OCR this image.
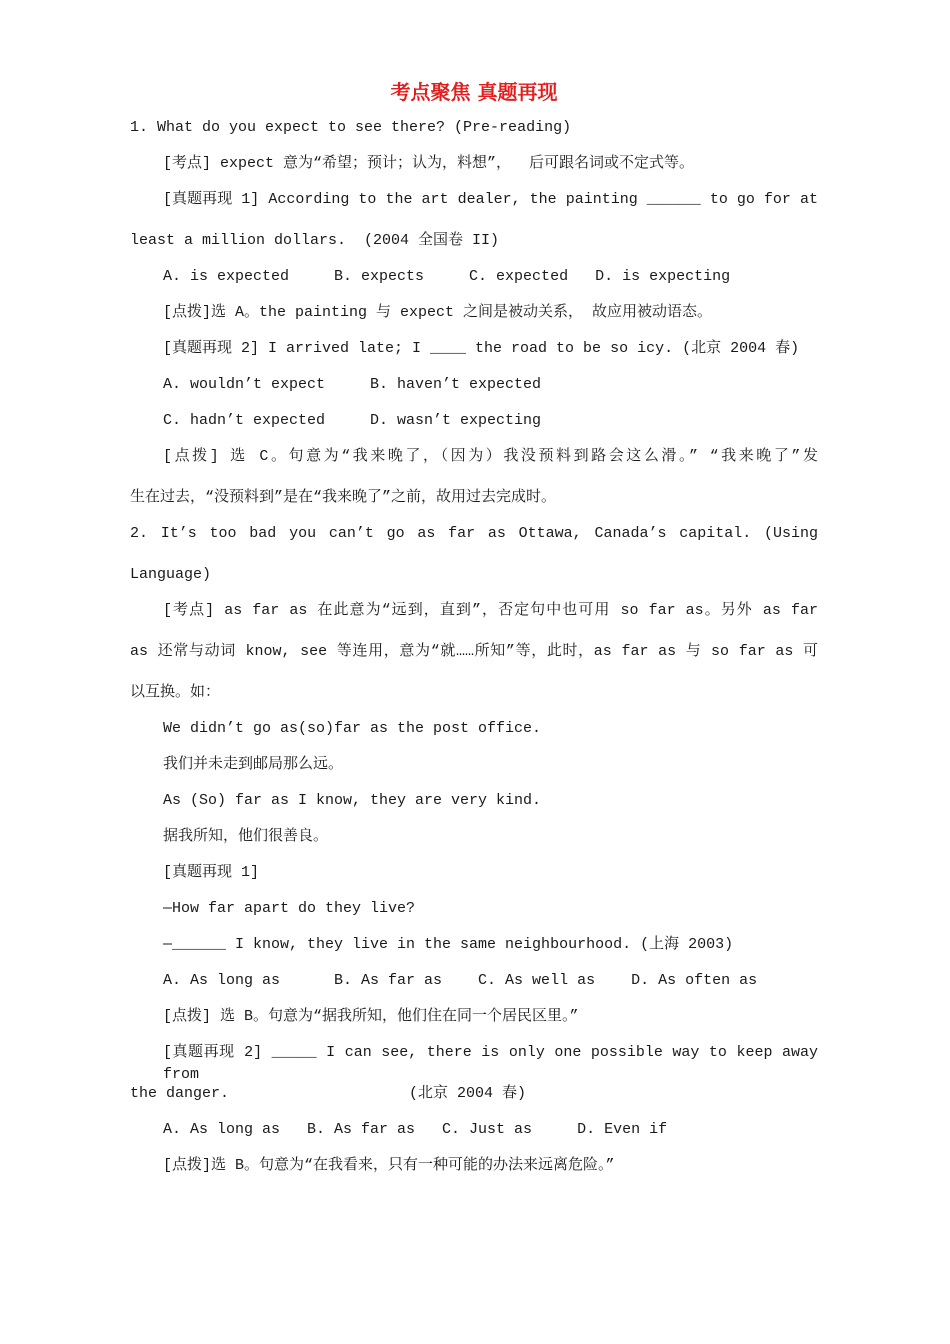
考点聚焦 真题再现

1. What do you expect to see there? (Pre-reading)

[考点] expect 意为“希望；预计；认为，料想”，  后可跟名词或不定式等。

[真题再现 1] According to the art dealer, the painting ______ to go for at

least a million dollars.  (2004 全国卷 II)

A. is expected     B. expects     C. expected   D. is expecting

[点拨]选 A。the painting 与 expect 之间是被动关系， 故应用被动语态。

[真题再现 2] I arrived late; I ____ the road to be so icy. (北京 2004 春)

A. wouldn’t expect     B. haven’t expected

C. hadn’t expected     D. wasn’t expecting

[点拨] 选 C。句意为“我来晚了，（因为）我没预料到路会这么滑。” “我来晚了”发

生在过去，“没预料到”是在“我来晚了”之前，故用过去完成时。

2. It’s too bad you can’t go as far as Ottawa, Canada’s capital. (Using

Language)

[考点] as far as 在此意为“远到，直到”，否定句中也可用 so far as。另外 as far

as 还常与动词 know, see 等连用，意为“就……所知”等，此时，as far as 与 so far as 可

以互换。如：

We didn’t go as(so)far as the post office.

我们并未走到邮局那么远。

As (So) far as I know, they are very kind.

据我所知，他们很善良。

[真题再现 1]

—How far apart do they live?

—______ I know, they live in the same neighbourhood. (上海 2003)

A. As long as      B. As far as    C. As well as    D. As often as

[点拨] 选 B。句意为“据我所知，他们住在同一个居民区里。”

[真题再现 2] _____ I can see, there is only one possible way to keep away from

the danger.                    (北京 2004 春)

A. As long as   B. As far as   C. Just as     D. Even if

[点拨]选 B。句意为“在我看来，只有一种可能的办法来远离危险。”
